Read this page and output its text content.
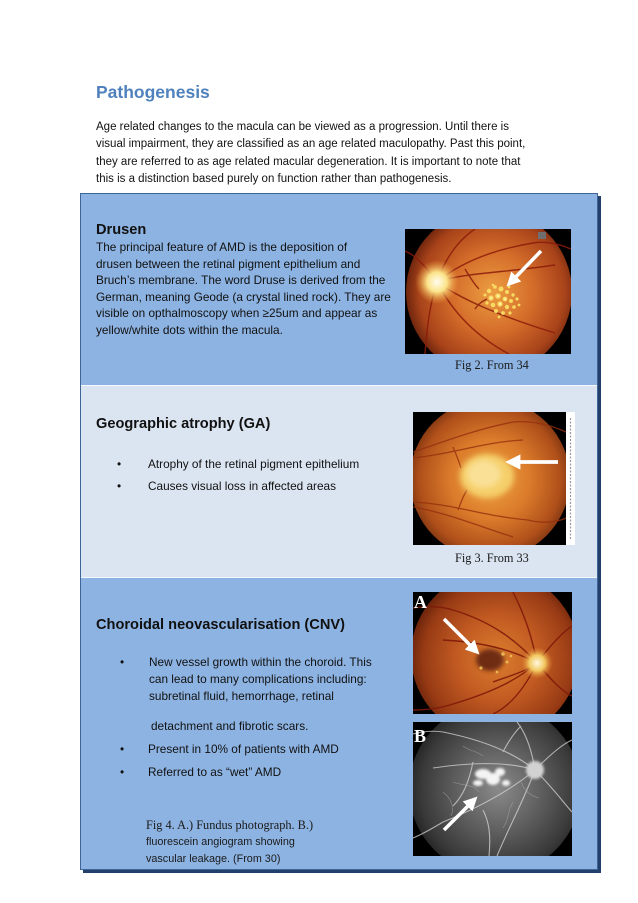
Pathogenesis
Age related changes to the macula can be viewed as a progression. Until there is
visual impairment, they are classified as an age related maculopathy. Past this point,
they are referred to as age related macular degeneration. It is important to note that
this is a distinction based purely on function rather than pathogenesis.
Drusen
The principal feature of AMD is the deposition of
drusen between the retinal pigment epithelium and
Bruch’s membrane. The word Druse is derived from the
German, meaning Geode (a crystal lined rock). They are
visible on opthalmoscopy when ≥25um and appear as
yellow/white dots within the macula.
Fig 2. From 34
Geographic atrophy (GA)
• Atrophy of the retinal pigment epithelium
• Causes visual loss in affected areas
Fig 3. From 33
Choroidal neovascularisation (CNV)
• New vessel growth within the choroid. This
can lead to many complications including:
subretinal fluid, hemorrhage, retinal
detachment and fibrotic scars.
• Present in 10% of patients with AMD
• Referred to as “wet” AMD
Fig 4. A.) Fundus photograph. B.)
fluorescein angiogram showing
vascular leakage. (From 30)
A
B
